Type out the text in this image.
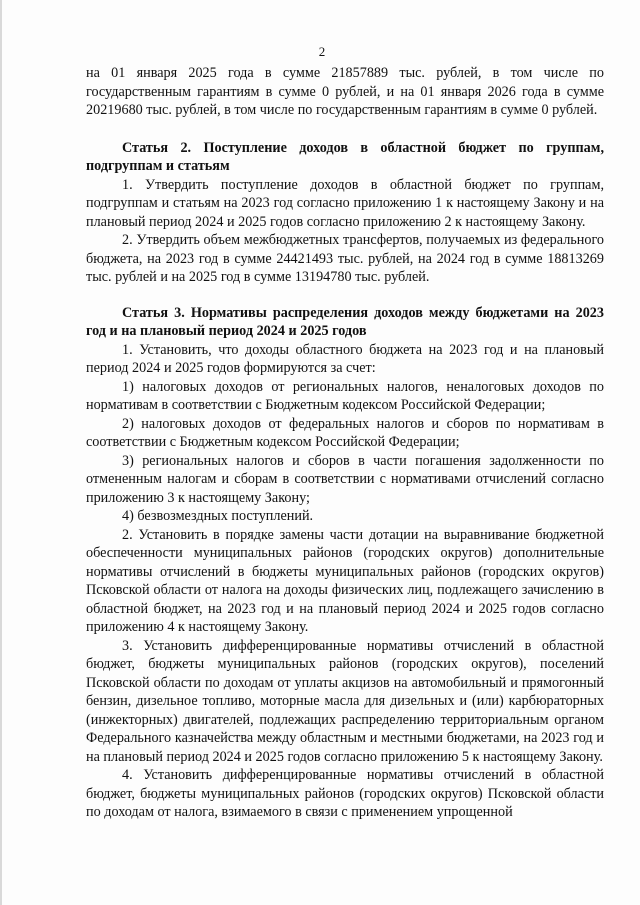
2

на 01 января 2025 года в сумме 21857889 тыс. рублей, в том числе по государственным гарантиям в сумме 0 рублей, и на 01 января 2026 года в сумме 20219680 тыс. рублей, в том числе по государственным гарантиям в сумме 0 рублей.

Статья 2. Поступление доходов в областной бюджет по группам, подгруппам и статьям

1. Утвердить поступление доходов в областной бюджет по группам, подгруппам и статьям на 2023 год согласно приложению 1 к настоящему Закону и на плановый период 2024 и 2025 годов согласно приложению 2 к настоящему Закону.

2. Утвердить объем межбюджетных трансфертов, получаемых из федерального бюджета, на 2023 год в сумме 24421493 тыс. рублей, на 2024 год в сумме 18813269 тыс. рублей и на 2025 год в сумме 13194780 тыс. рублей.

Статья 3. Нормативы распределения доходов между бюджетами на 2023 год и на плановый период 2024 и 2025 годов

1. Установить, что доходы областного бюджета на 2023 год и на плановый период 2024 и 2025 годов формируются за счет:

1) налоговых доходов от региональных налогов, неналоговых доходов по нормативам в соответствии с Бюджетным кодексом Российской Федерации;

2) налоговых доходов от федеральных налогов и сборов по нормативам в соответствии с Бюджетным кодексом Российской Федерации;

3) региональных налогов и сборов в части погашения задолженности по отмененным налогам и сборам в соответствии с нормативами отчислений согласно приложению 3 к настоящему Закону;

4) безвозмездных поступлений.

2. Установить в порядке замены части дотации на выравнивание бюджетной обеспеченности муниципальных районов (городских округов) дополнительные нормативы отчислений в бюджеты муниципальных районов (городских округов) Псковской области от налога на доходы физических лиц, подлежащего зачислению в областной бюджет, на 2023 год и на плановый период 2024 и 2025 годов согласно приложению 4 к настоящему Закону.

3. Установить дифференцированные нормативы отчислений в областной бюджет, бюджеты муниципальных районов (городских округов), поселений Псковской области по доходам от уплаты акцизов на автомобильный и прямогонный бензин, дизельное топливо, моторные масла для дизельных и (или) карбюраторных (инжекторных) двигателей, подлежащих распределению территориальным органом Федерального казначейства между областным и местными бюджетами, на 2023 год и на плановый период 2024 и 2025 годов согласно приложению 5 к настоящему Закону.

4. Установить дифференцированные нормативы отчислений в областной бюджет, бюджеты муниципальных районов (городских округов) Псковской области по доходам от налога, взимаемого в связи с применением упрощенной
